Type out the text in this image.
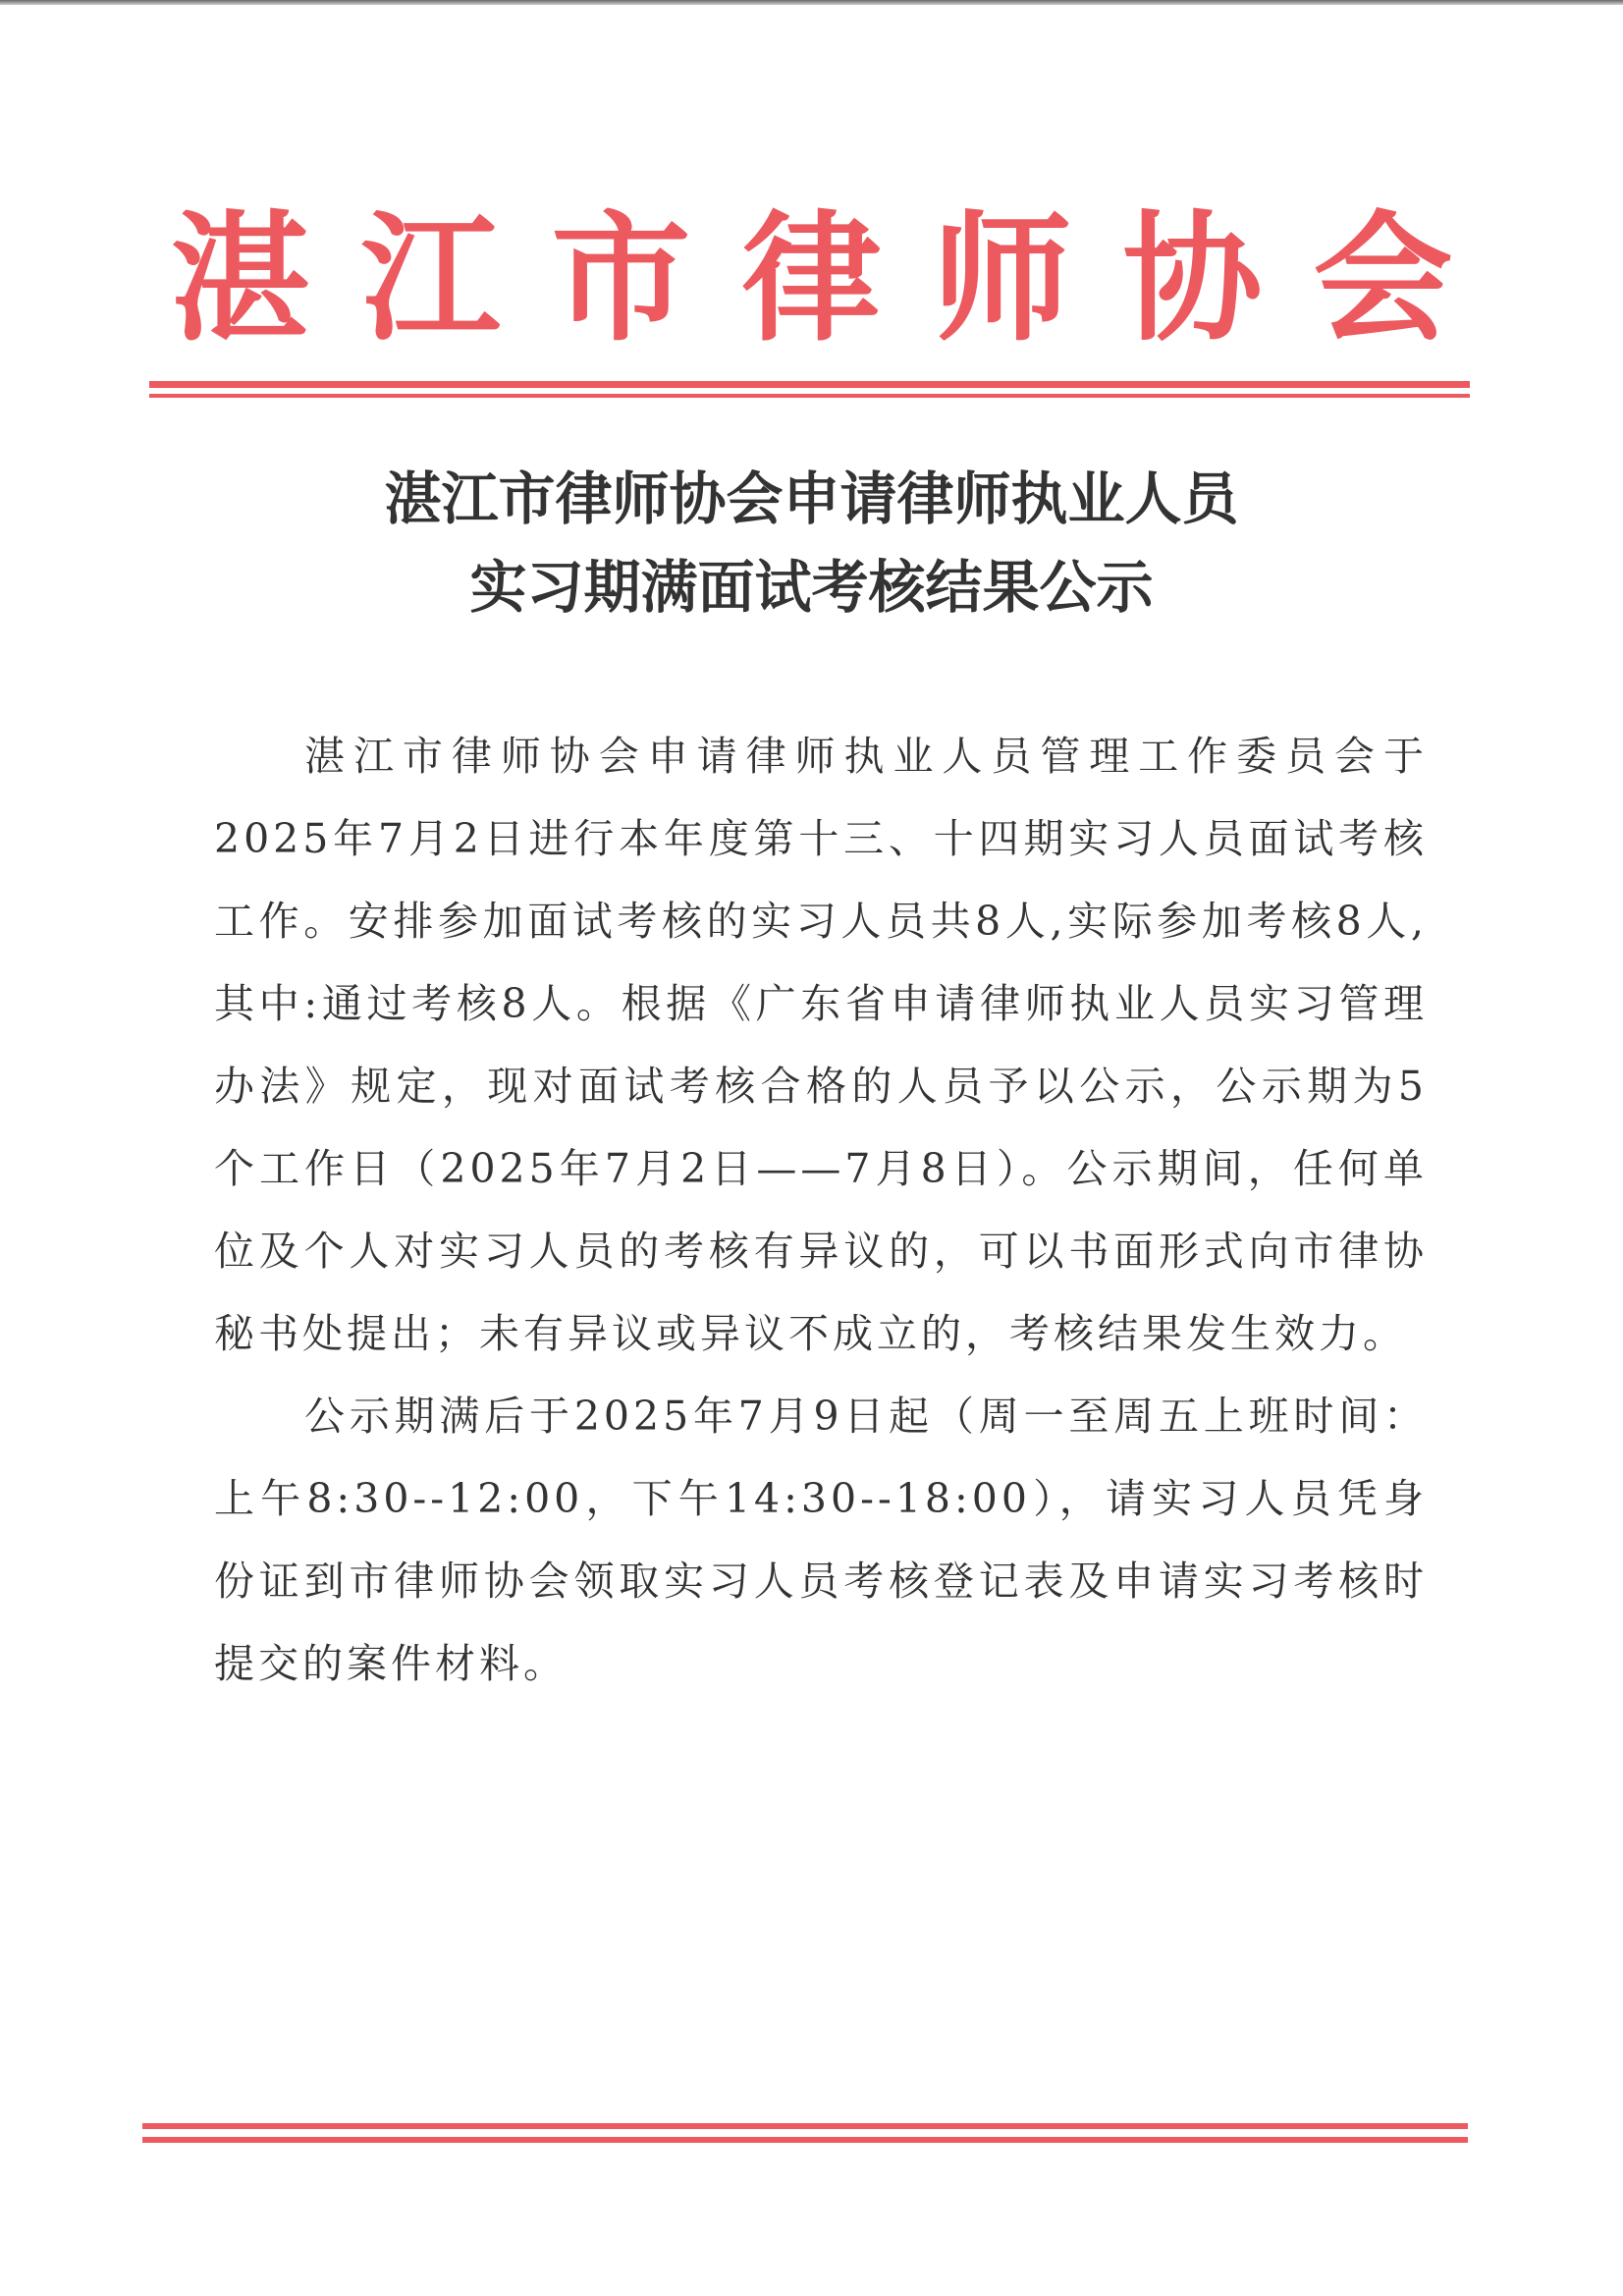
湛江市律师协会
湛江市律师协会申请律师执业人员
实习期满面试考核结果公示
湛江市律师协会申请律师执业人员管理工作委员会于2025年7月2日进行本年度第十三、十四期实习人员面试考核工作。安排参加面试考核的实习人员共8人,实际参加考核8人,其中:通过考核8人。根据《广东省申请律师执业人员实习管理办法》规定，现对面试考核合格的人员予以公示，公示期为5个工作日（2025年7月2日——7月8日）。公示期间，任何单位及个人对实习人员的考核有异议的，可以书面形式向市律协秘书处提出；未有异议或异议不成立的，考核结果发生效力。
公示期满后于2025年7月9日起（周一至周五上班时间：上午8:30--12:00，下午14:30--18:00），请实习人员凭身份证到市律师协会领取实习人员考核登记表及申请实习考核时提交的案件材料。
